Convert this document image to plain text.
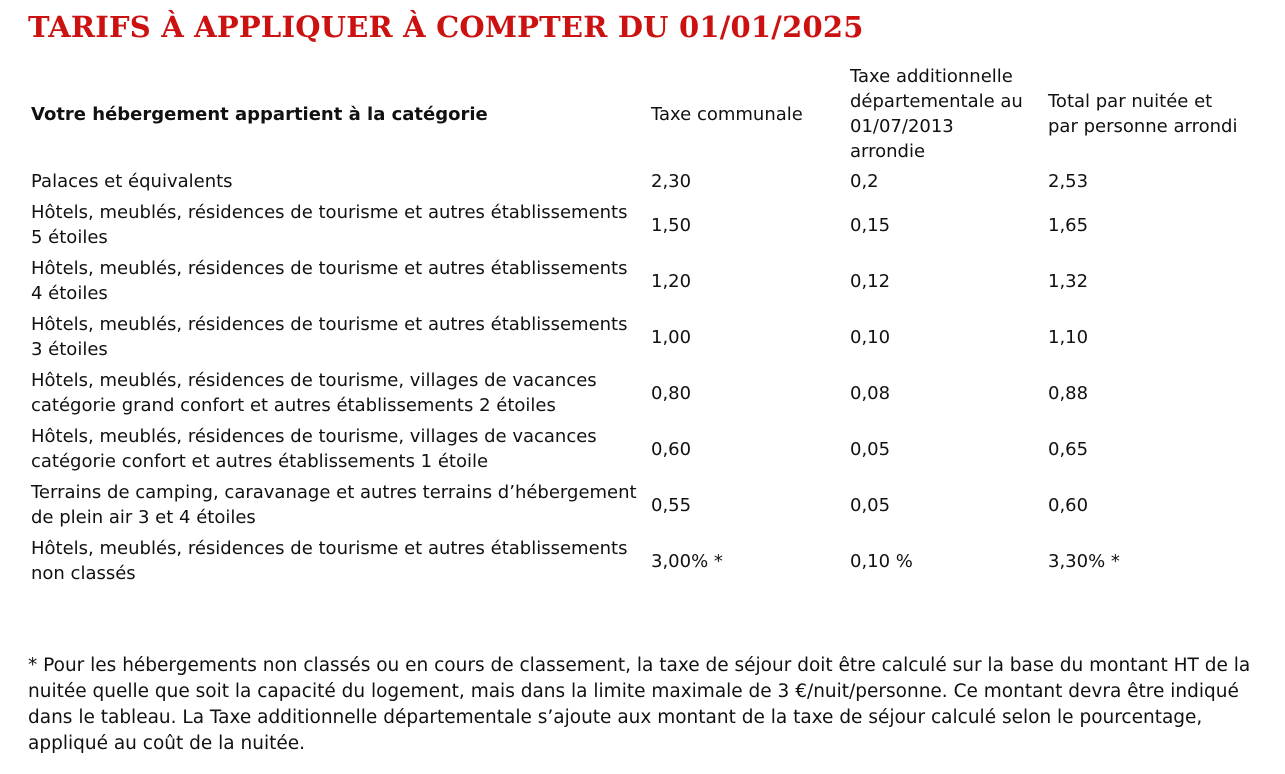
TARIFS À APPLIQUER À COMPTER DU 01/01/2025
Votre hébergement appartient à la catégorie	Taxe communale	Taxe additionnelle départementale au 01/07/2013 arrondie	Total par nuitée et par personne arrondi
Palaces et équivalents	2,30	0,2	2,53
Hôtels, meublés, résidences de tourisme et autres établissements 5 étoiles	1,50	0,15	1,65
Hôtels, meublés, résidences de tourisme et autres établissements 4 étoiles	1,20	0,12	1,32
Hôtels, meublés, résidences de tourisme et autres établissements 3 étoiles	1,00	0,10	1,10
Hôtels, meublés, résidences de tourisme, villages de vacances catégorie grand confort et autres établissements 2 étoiles	0,80	0,08	0,88
Hôtels, meublés, résidences de tourisme, villages de vacances catégorie confort et autres établissements 1 étoile	0,60	0,05	0,65
Terrains de camping, caravanage et autres terrains d’hébergement de plein air 3 et 4 étoiles	0,55	0,05	0,60
Hôtels, meublés, résidences de tourisme et autres établissements non classés	3,00% *	0,10 %	3,30% *

* Pour les hébergements non classés ou en cours de classement, la taxe de séjour doit être calculé sur la base du montant HT de la nuitée quelle que soit la capacité du logement, mais dans la limite maximale de 3 €/nuit/personne. Ce montant devra être indiqué dans le tableau. La Taxe additionnelle départementale s’ajoute aux montant de la taxe de séjour calculé selon le pourcentage, appliqué au coût de la nuitée.
